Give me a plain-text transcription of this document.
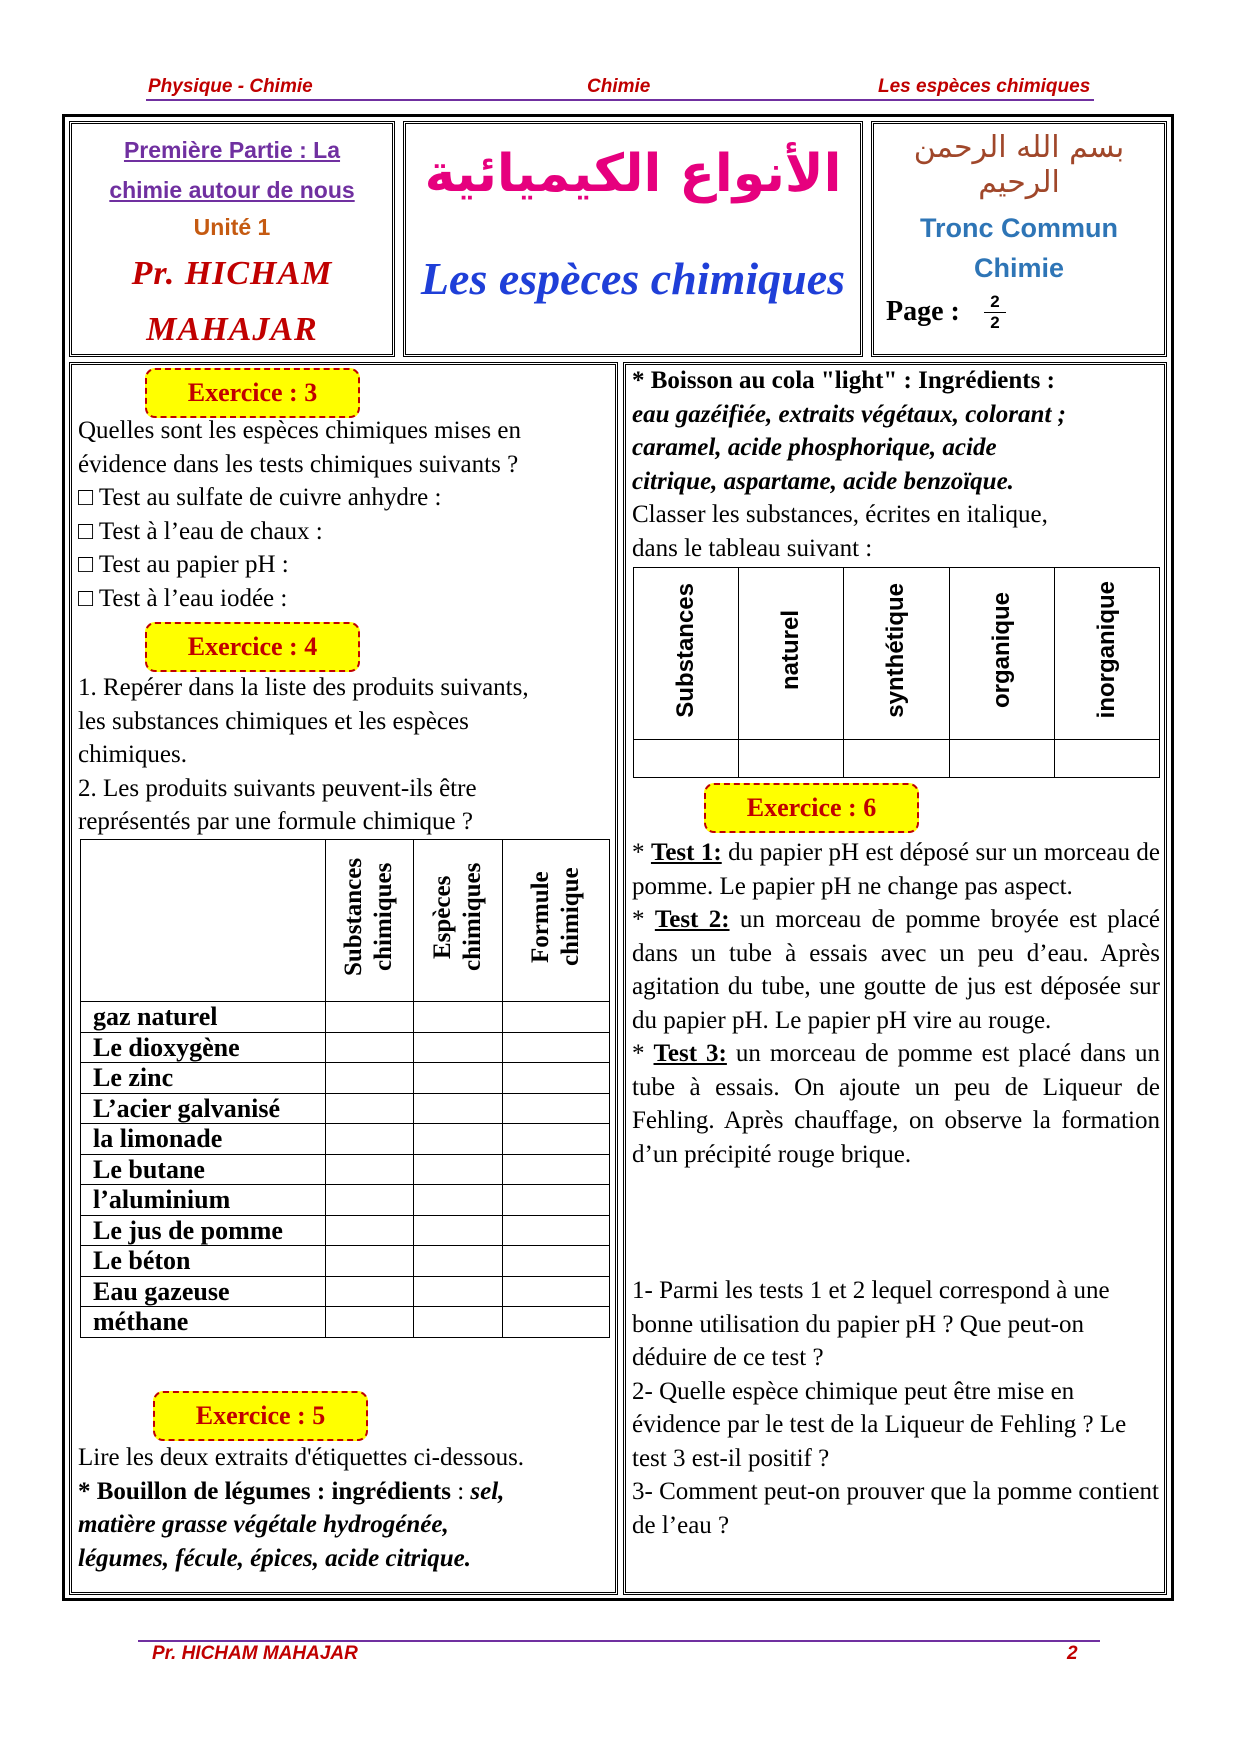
Physique - Chimie	Chimie	Les espèces chimiques
Première Partie : La
chimie autour de nous
Unité 1
Pr. HICHAM
MAHAJAR
الأنواع الكيميائية
Les espèces chimiques
بسم الله الرحمن الرحيم
Tronc Commun
Chimie
Page :	2
2
Exercice : 3
Quelles sont les espèces chimiques mises en
évidence dans les tests chimiques suivants ?
□ Test au sulfate de cuivre anhydre :
□ Test à l’eau de chaux :
□ Test au papier pH :
□ Test à l’eau iodée :
Exercice : 4
1. Repérer dans la liste des produits suivants,
les substances chimiques et les espèces
chimiques.
2. Les produits suivants peuvent-ils être
représentés par une formule chimique ?
	Substances chimiques	Espèces chimiques	Formule chimique
gaz naturel			
Le dioxygène			
Le zinc			
L’acier galvanisé			
la limonade			
Le butane			
l’aluminium			
Le jus de pomme			
Le béton			
Eau gazeuse			
méthane			
Exercice : 5
Lire les deux extraits d'étiquettes ci-dessous.
* Bouillon de légumes : ingrédients : sel,
matière grasse végétale hydrogénée,
légumes, fécule, épices, acide citrique.
* Boisson au cola "light" : Ingrédients :
eau gazéifiée, extraits végétaux, colorant ;
caramel, acide phosphorique, acide
citrique, aspartame, acide benzoïque.
Classer les substances, écrites en italique,
dans le tableau suivant :
Substances	naturel	synthétique	organique	inorganique

Exercice : 6
* Test 1: du papier pH est déposé sur un morceau de pomme. Le papier pH ne change pas aspect.
* Test 2: un morceau de pomme broyée est placé dans un tube à essais avec un peu d’eau. Après agitation du tube, une goutte de jus est déposée sur du papier pH. Le papier pH vire au rouge.
* Test 3: un morceau de pomme est placé dans un tube à essais. On ajoute un peu de Liqueur de Fehling. Après chauffage, on observe la formation d’un précipité rouge brique.
1- Parmi les tests 1 et 2 lequel correspond à une bonne utilisation du papier pH ? Que peut-on déduire de ce test ?
2- Quelle espèce chimique peut être mise en évidence par le test de la Liqueur de Fehling ? Le test 3 est-il positif ?
3- Comment peut-on prouver que la pomme contient de l’eau ?
Pr. HICHAM MAHAJAR	2
